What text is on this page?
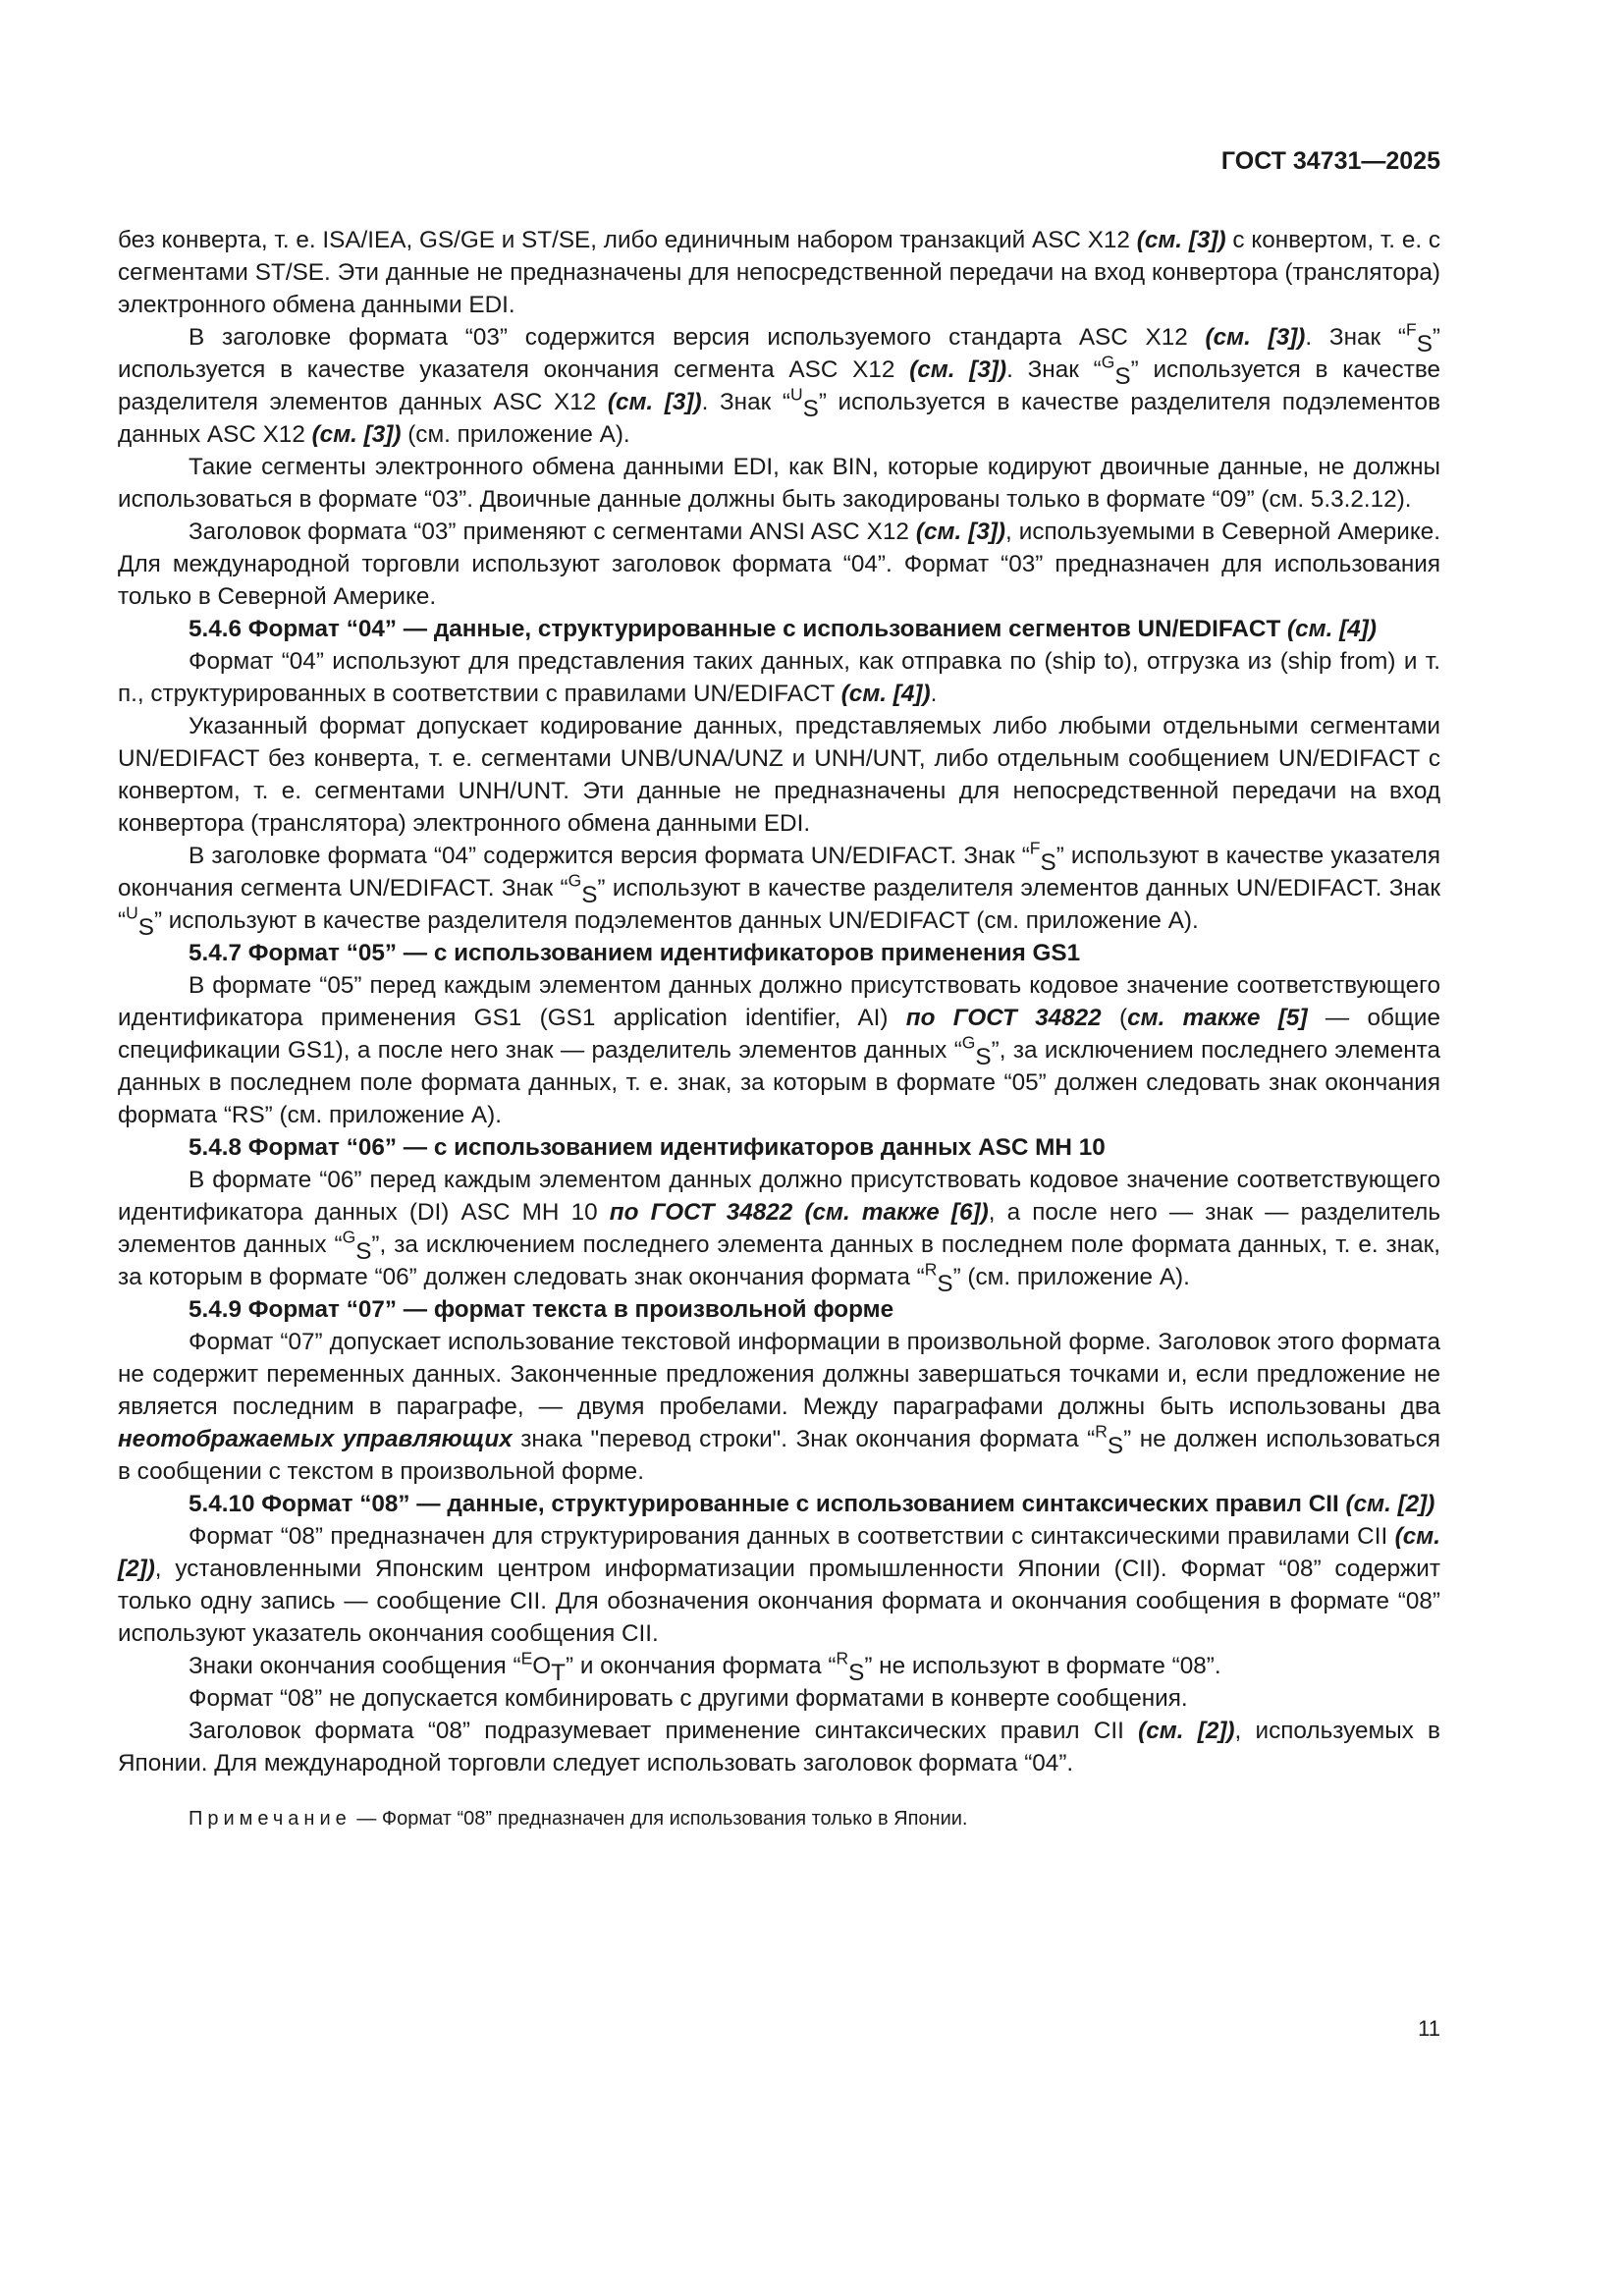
ГОСТ 34731—2025

без конверта, т. е. ISA/IEA, GS/GE и ST/SE, либо единичным набором транзакций ASC X12 (см. [3]) с конвертом, т. е. с сегментами ST/SE. Эти данные не предназначены для непосредственной передачи на вход конвертора (транслятора) электронного обмена данными EDI.

В заголовке формата “03” содержится версия используемого стандарта ASC X12 (см. [3]). Знак “$^F$S” используется в качестве указателя окончания сегмента ASC X12 (см. [3]). Знак “$^G$S” используется в качестве разделителя элементов данных ASC X12 (см. [3]). Знак “$^U$S” используется в качестве разделителя подэлементов данных ASC X12 (см. [3]) (см. приложение А).

Такие сегменты электронного обмена данными EDI, как BIN, которые кодируют двоичные данные, не должны использоваться в формате “03”. Двоичные данные должны быть закодированы только в формате “09” (см. 5.3.2.12).

Заголовок формата “03” применяют с сегментами ANSI ASC X12 (см. [3]), используемыми в Северной Америке. Для международной торговли используют заголовок формата “04”. Формат “03” предназначен для использования только в Северной Америке.

5.4.6 Формат “04” — данные, структурированные с использованием сегментов UN/EDIFACT (см. [4])

Формат “04” используют для представления таких данных, как отправка по (ship to), отгрузка из (ship from) и т. п., структурированных в соответствии с правилами UN/EDIFACT (см. [4]).

Указанный формат допускает кодирование данных, представляемых либо любыми отдельными сегментами UN/EDIFACT без конверта, т. е. сегментами UNB/UNA/UNZ и UNH/UNT, либо отдельным сообщением UN/EDIFACT с конвертом, т. е. сегментами UNH/UNT. Эти данные не предназначены для непосредственной передачи на вход конвертора (транслятора) электронного обмена данными EDI.

В заголовке формата “04” содержится версия формата UN/EDIFACT. Знак “$^F$S” используют в качестве указателя окончания сегмента UN/EDIFACT. Знак “$^G$S” используют в качестве разделителя элементов данных UN/EDIFACT. Знак “$^U$S” используют в качестве разделителя подэлементов данных UN/EDIFACT (см. приложение А).

5.4.7 Формат “05” — с использованием идентификаторов применения GS1

В формате “05” перед каждым элементом данных должно присутствовать кодовое значение соответствующего идентификатора применения GS1 (GS1 application identifier, AI) по ГОСТ 34822 (см. также [5] — общие спецификации GS1), а после него знак — разделитель элементов данных “$^G$S”, за исключением последнего элемента данных в последнем поле формата данных, т. е. знак, за которым в формате “05” должен следовать знак окончания формата “RS” (см. приложение А).

5.4.8 Формат “06” — с использованием идентификаторов данных ASC MH 10

В формате “06” перед каждым элементом данных должно присутствовать кодовое значение соответствующего идентификатора данных (DI) ASC MH 10 по ГОСТ 34822 (см. также [6]), а после него — знак — разделитель элементов данных “$^G$S”, за исключением последнего элемента данных в последнем поле формата данных, т. е. знак, за которым в формате “06” должен следовать знак окончания формата “$^R$S” (см. приложение А).

5.4.9 Формат “07” — формат текста в произвольной форме

Формат “07” допускает использование текстовой информации в произвольной форме. Заголовок этого формата не содержит переменных данных. Законченные предложения должны завершаться точками и, если предложение не является последним в параграфе, — двумя пробелами. Между параграфами должны быть использованы два неотображаемых управляющих знака "перевод строки". Знак окончания формата “$^R$S” не должен использоваться в сообщении с текстом в произвольной форме.

5.4.10 Формат “08” — данные, структурированные с использованием синтаксических правил CII (см. [2])

Формат “08” предназначен для структурирования данных в соответствии с синтаксическими правилами CII (см. [2]), установленными Японским центром информатизации промышленности Японии (CII). Формат “08” содержит только одну запись — сообщение CII. Для обозначения окончания формата и окончания сообщения в формате “08” используют указатель окончания сообщения CII.

Знаки окончания сообщения “$^E$OT” и окончания формата “$^R$S” не используют в формате “08”.

Формат “08” не допускается комбинировать с другими форматами в конверте сообщения.

Заголовок формата “08” подразумевает применение синтаксических правил CII (см. [2]), используемых в Японии. Для международной торговли следует использовать заголовок формата “04”.

Примечание — Формат “08” предназначен для использования только в Японии.

11
